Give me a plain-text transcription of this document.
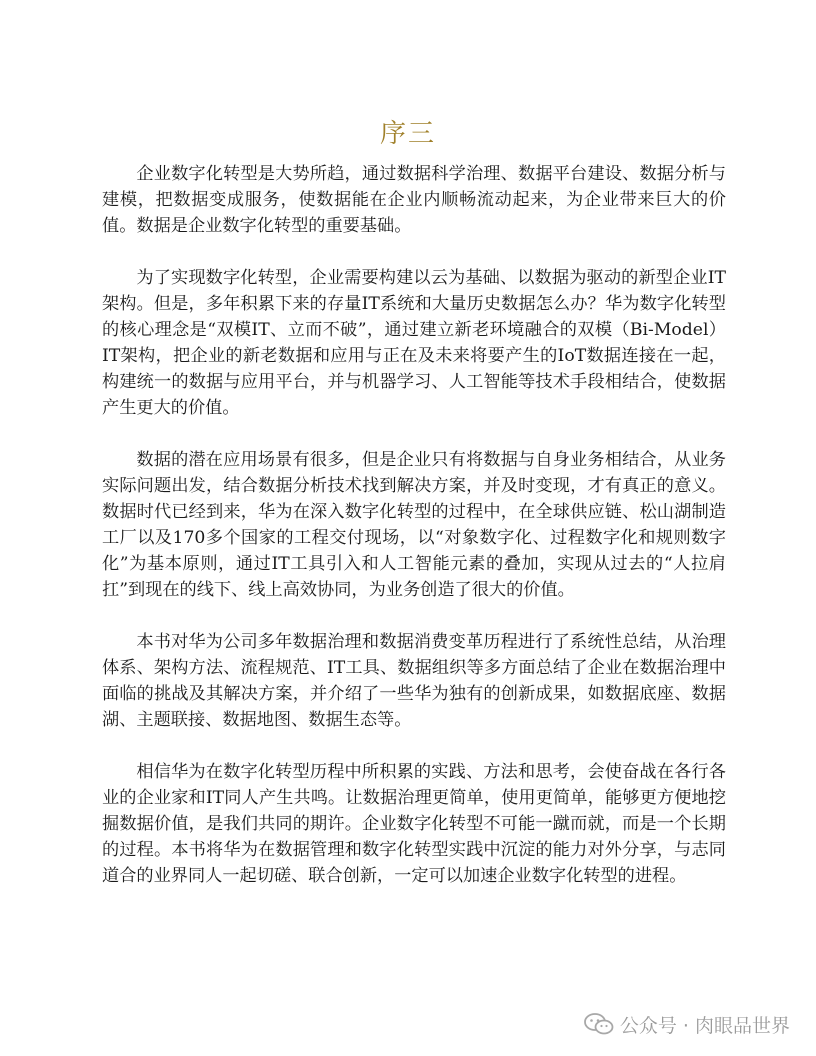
序三

企业数字化转型是大势所趋，通过数据科学治理、数据平台建设、数据分析与建模，把数据变成服务，使数据能在企业内顺畅流动起来，为企业带来巨大的价值。数据是企业数字化转型的重要基础。

为了实现数字化转型，企业需要构建以云为基础、以数据为驱动的新型企业IT架构。但是，多年积累下来的存量IT系统和大量历史数据怎么办？华为数字化转型的核心理念是“双模IT、立而不破”，通过建立新老环境融合的双模（Bi-Model）IT架构，把企业的新老数据和应用与正在及未来将要产生的IoT数据连接在一起，构建统一的数据与应用平台，并与机器学习、人工智能等技术手段相结合，使数据产生更大的价值。

数据的潜在应用场景有很多，但是企业只有将数据与自身业务相结合，从业务实际问题出发，结合数据分析技术找到解决方案，并及时变现，才有真正的意义。数据时代已经到来，华为在深入数字化转型的过程中，在全球供应链、松山湖制造工厂以及170多个国家的工程交付现场，以“对象数字化、过程数字化和规则数字化”为基本原则，通过IT工具引入和人工智能元素的叠加，实现从过去的“人拉肩扛”到现在的线下、线上高效协同，为业务创造了很大的价值。

本书对华为公司多年数据治理和数据消费变革历程进行了系统性总结，从治理体系、架构方法、流程规范、IT工具、数据组织等多方面总结了企业在数据治理中面临的挑战及其解决方案，并介绍了一些华为独有的创新成果，如数据底座、数据湖、主题联接、数据地图、数据生态等。

相信华为在数字化转型历程中所积累的实践、方法和思考，会使奋战在各行各业的企业家和IT同人产生共鸣。让数据治理更简单，使用更简单，能够更方便地挖掘数据价值，是我们共同的期许。企业数字化转型不可能一蹴而就，而是一个长期的过程。本书将华为在数据管理和数字化转型实践中沉淀的能力对外分享，与志同道合的业界同人一起切磋、联合创新，一定可以加速企业数字化转型的进程。

公众号 · 肉眼品世界
